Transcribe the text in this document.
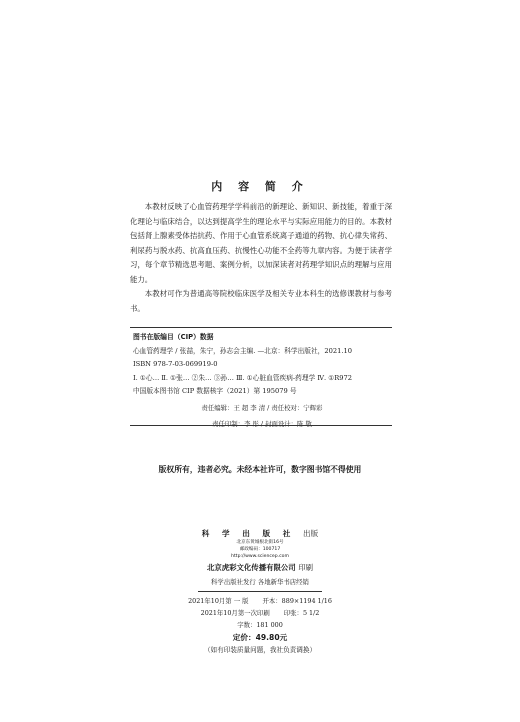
内 容 简 介

本教材反映了心血管药理学学科前沿的新理论、新知识、新技能，着重于深化理论与临床结合，以达到提高学生的理论水平与实际应用能力的目的。本教材包括肾上腺素受体拮抗药、作用于心血管系统离子通道的药物、抗心律失常药、利尿药与脱水药、抗高血压药、抗慢性心功能不全药等九章内容。为便于读者学习，每个章节精选思考题、案例分析，以加深读者对药理学知识点的理解与应用能力。

本教材可作为普通高等院校临床医学及相关专业本科生的选修课教材与参考书。

图书在版编目（CIP）数据
心血管药理学 / 张喆，朱宁，孙志会主编. —北京：科学出版社，2021.10
ISBN 978-7-03-069919-0
Ⅰ. ①心… Ⅱ. ①张… ②朱… ③孙… Ⅲ. ①心脏血管疾病-药理学 Ⅳ. ①R972
中国版本图书馆 CIP 数据核字（2021）第 195079 号
责任编辑：王 超 李 清 / 责任校对：宁辉彩
责任印制：李 彤 / 封面设计：陈 敬
版权所有，违者必究。未经本社许可，数字图书馆不得使用
科 学 出 版 社 出版
北京东黄城根北街16号
邮政编码：100717
http://www.sciencep.com
北京虎彩文化传播有限公司 印刷
科学出版社发行 各地新华书店经销
2021年10月第 一 版 开本：889×1194 1/16
2021年10月第一次印刷 印张：5 1/2
字数：181 000
定价：49.80元
（如有印装质量问题，我社负责调换）
